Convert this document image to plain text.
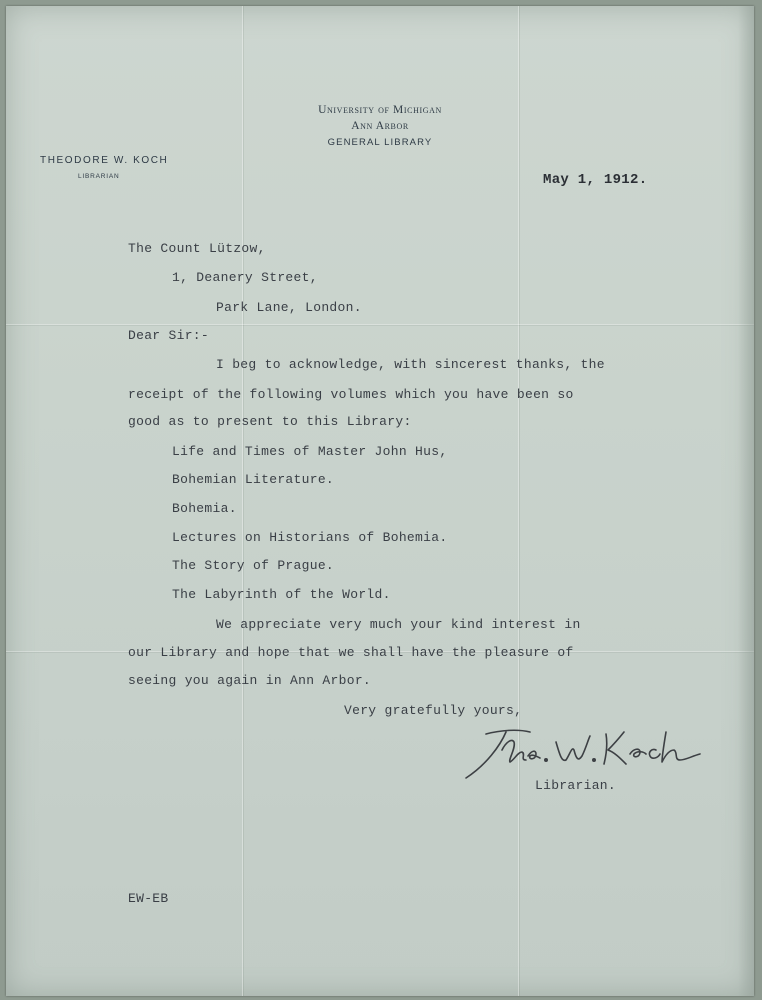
University of Michigan
Ann Arbor
GENERAL LIBRARY
THEODORE W. KOCH
LIBRARIAN	May 1, 1912.
The Count Lützow,
1, Deanery Street,
Park Lane, London.
Dear Sir:-
I beg to acknowledge, with sincerest thanks, the
receipt of the following volumes which you have been so
good as to present to this Library:
Life and Times of Master John Hus,
Bohemian Literature.
Bohemia.
Lectures on Historians of Bohemia.
The Story of Prague.
The Labyrinth of the World.
We appreciate very much your kind interest in
our Library and hope that we shall have the pleasure of
seeing you again in Ann Arbor.
Very gratefully yours,
Librarian.
EW-EB
